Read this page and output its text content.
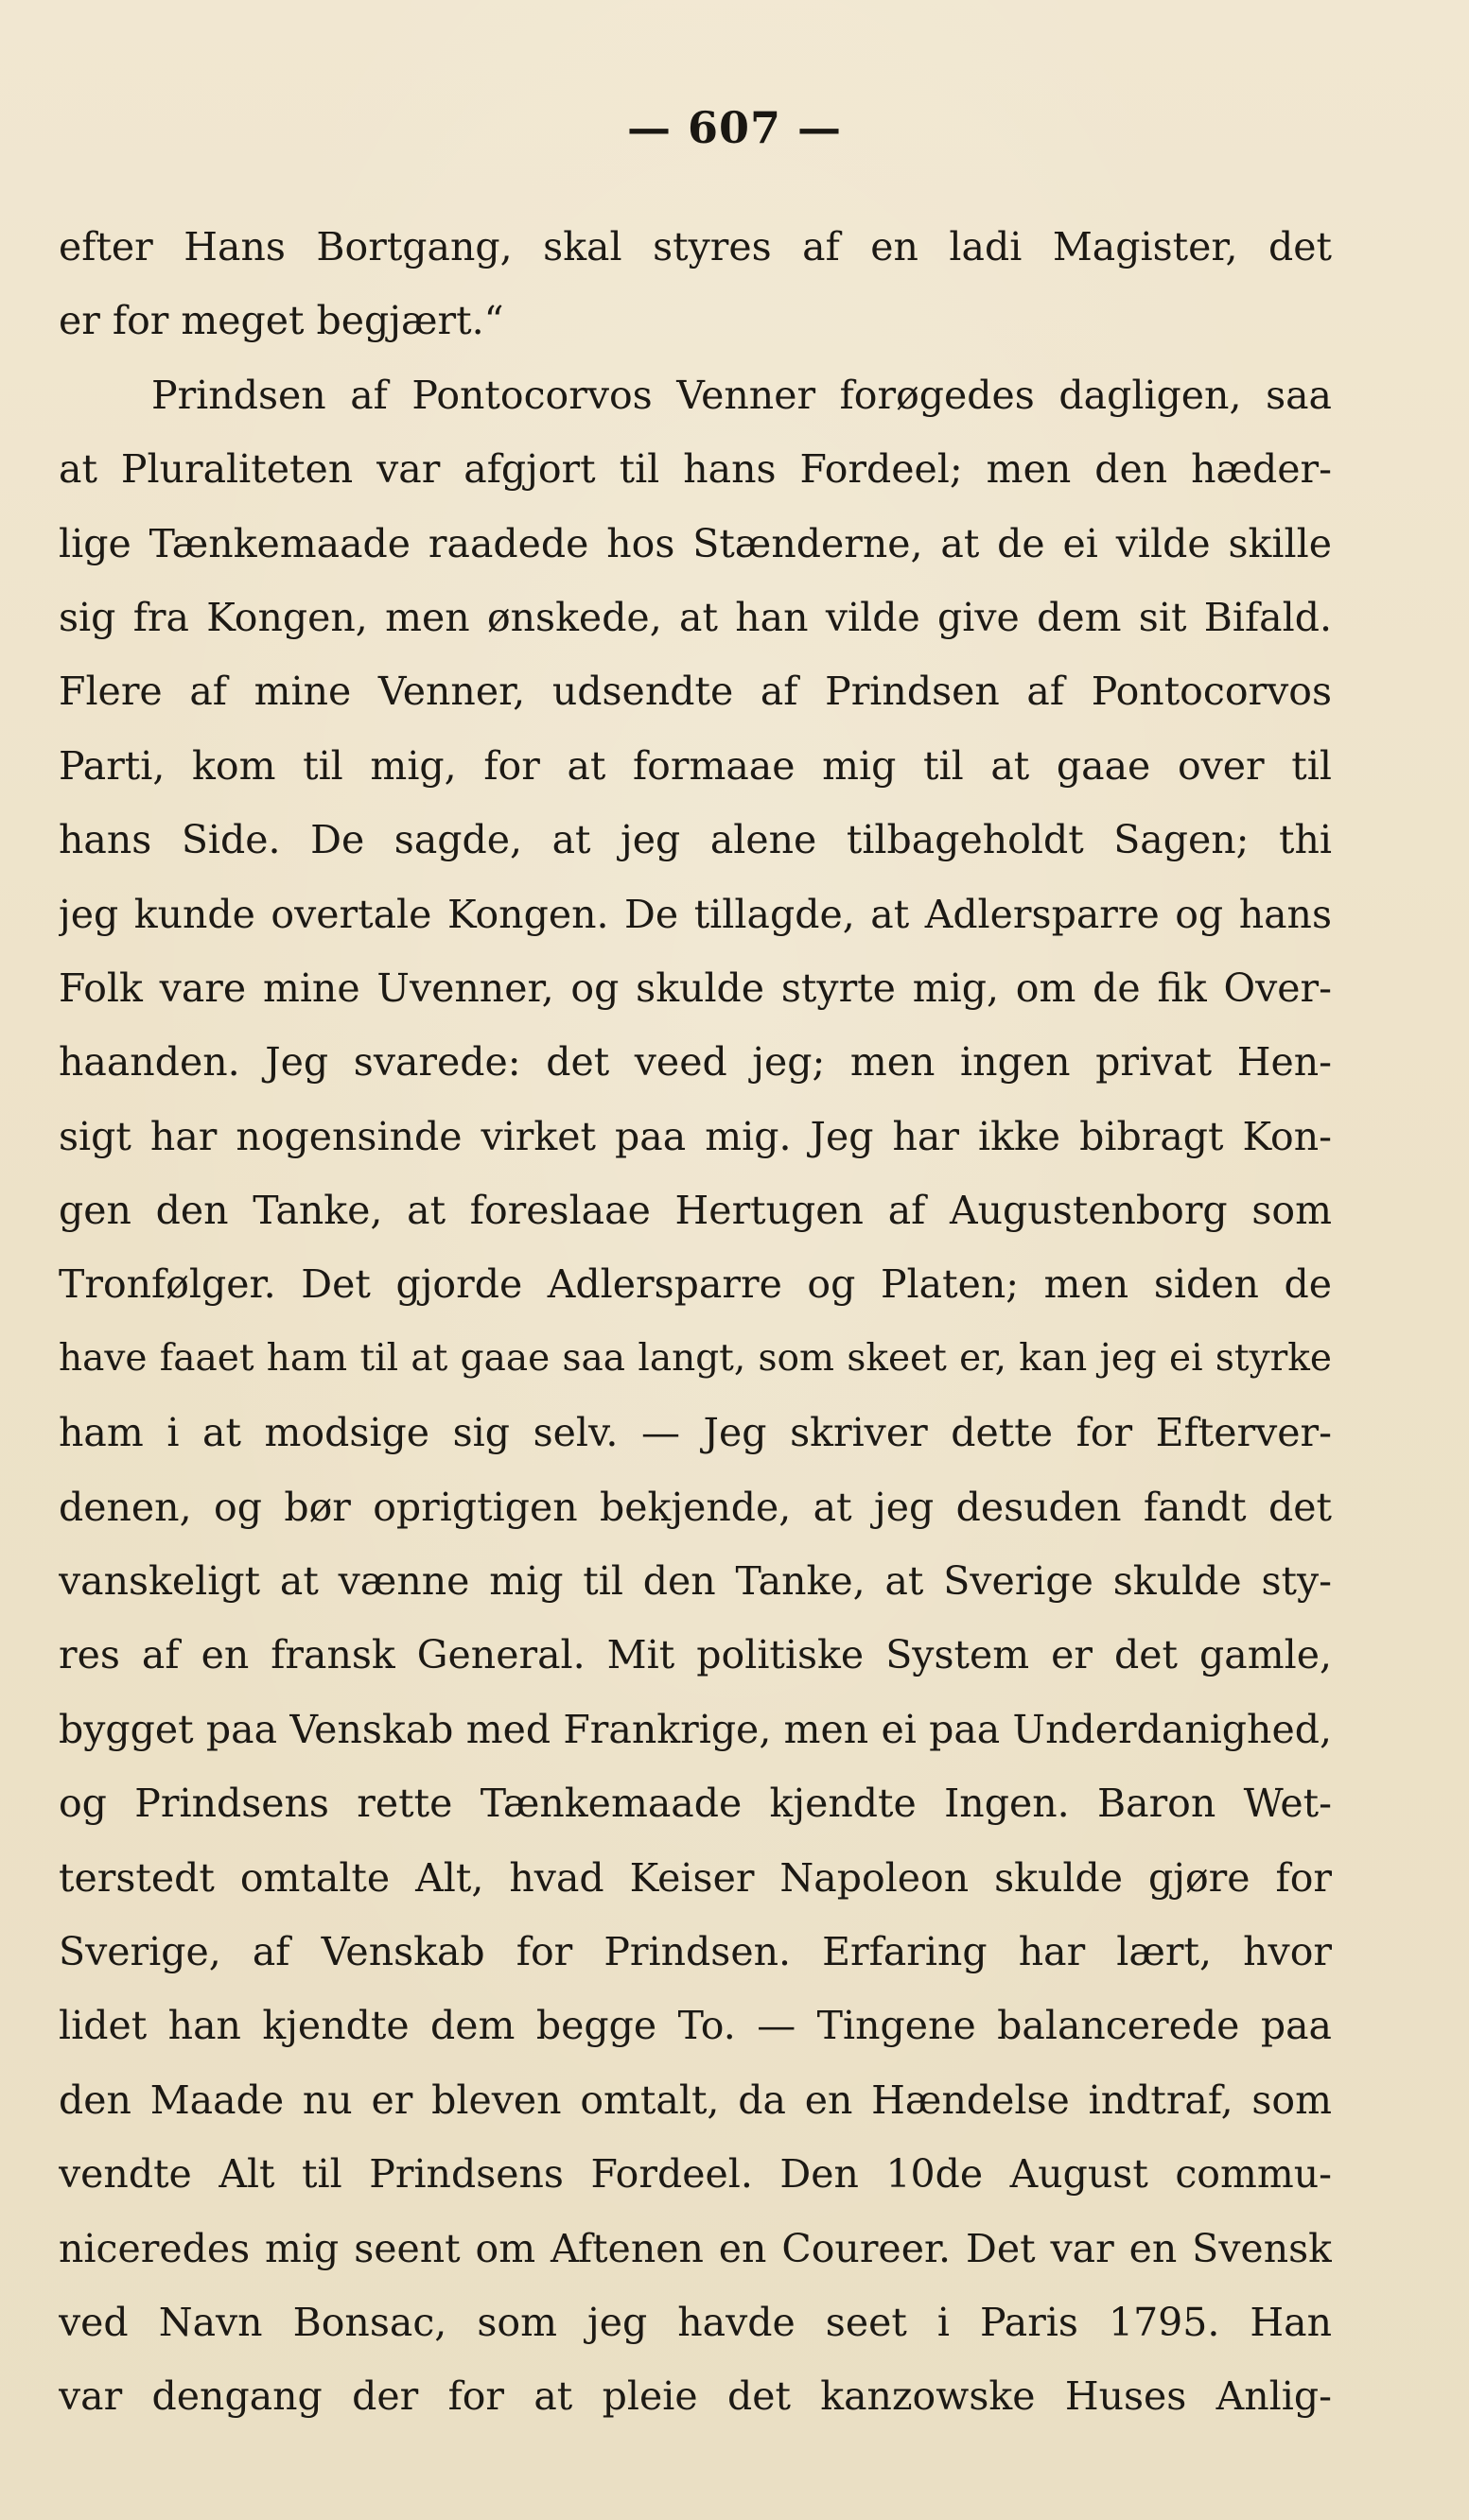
— 607 —
efter Hans Bortgang, skal styres af en ladi Magister, det
er for meget begjært.“
Prindsen af Pontocorvos Venner forøgedes dagligen, saa
at Pluraliteten var afgjort til hans Fordeel; men den hæder-
lige Tænkemaade raadede hos Stænderne, at de ei vilde skille
sig fra Kongen, men ønskede, at han vilde give dem sit Bifald.
Flere af mine Venner, udsendte af Prindsen af Pontocorvos
Parti, kom til mig, for at formaae mig til at gaae over til
hans Side. De sagde, at jeg alene tilbageholdt Sagen; thi
jeg kunde overtale Kongen. De tillagde, at Adlersparre og hans
Folk vare mine Uvenner, og skulde styrte mig, om de fik Over-
haanden. Jeg svarede: det veed jeg; men ingen privat Hen-
sigt har nogensinde virket paa mig. Jeg har ikke bibragt Kon-
gen den Tanke, at foreslaae Hertugen af Augustenborg som
Tronfølger. Det gjorde Adlersparre og Platen; men siden de
have faaet ham til at gaae saa langt, som skeet er, kan jeg ei styrke
ham i at modsige sig selv. — Jeg skriver dette for Efterver-
denen, og bør oprigtigen bekjende, at jeg desuden fandt det
vanskeligt at vænne mig til den Tanke, at Sverige skulde sty-
res af en fransk General. Mit politiske System er det gamle,
bygget paa Venskab med Frankrige, men ei paa Underdanighed,
og Prindsens rette Tænkemaade kjendte Ingen. Baron Wet-
terstedt omtalte Alt, hvad Keiser Napoleon skulde gjøre for
Sverige, af Venskab for Prindsen. Erfaring har lært, hvor
lidet han kjendte dem begge To. — Tingene balancerede paa
den Maade nu er bleven omtalt, da en Hændelse indtraf, som
vendte Alt til Prindsens Fordeel. Den 10de August commu-
niceredes mig seent om Aftenen en Coureer. Det var en Svensk
ved Navn Bonsac, som jeg havde seet i Paris 1795. Han
var dengang der for at pleie det kanzowske Huses Anlig-
